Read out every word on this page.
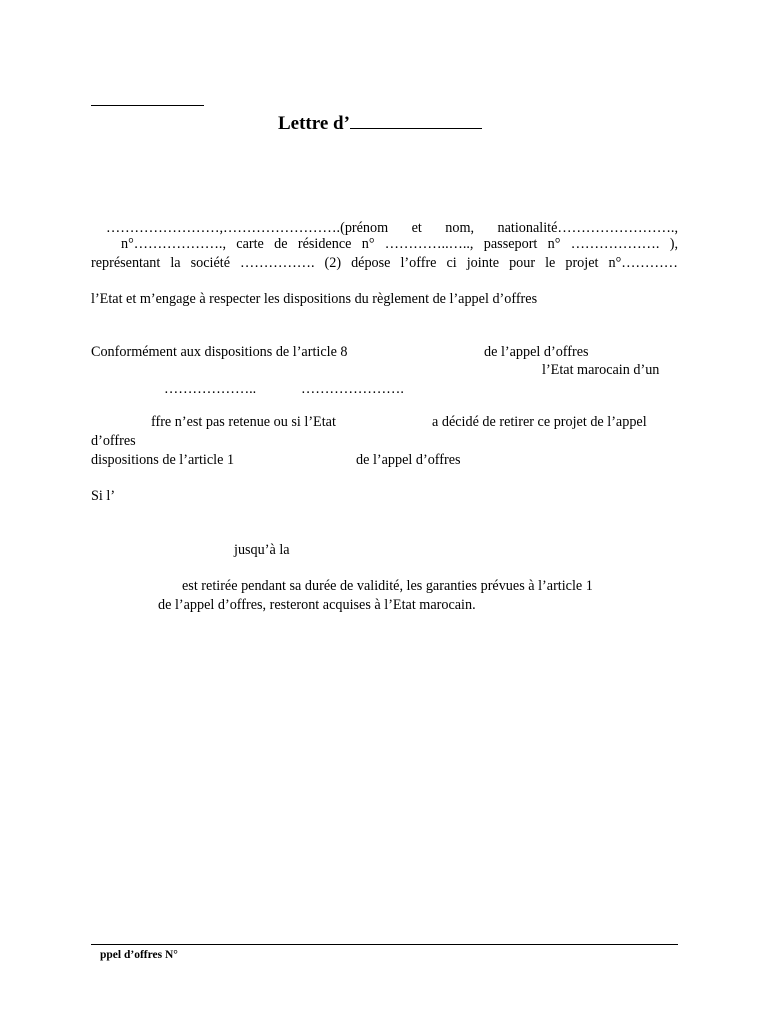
Lettre d’
……………………,…………………….(prénom et nom, nationalité…………………….,
n°………………., carte de résidence n° …………..….., passeport n° ………………. ),
représentant la société ……………. (2) dépose l’offre ci jointe pour le projet n°…………
l’Etat et m’engage à respecter les dispositions du règlement de l’appel d’offres
Conformément aux dispositions de l’article 8	de l’appel d’offres
l’Etat marocain d’un
………………..	………………….
ffre n’est pas retenue ou si l’Etat	a décidé de retirer ce projet de l’appel
d’offres
dispositions de l’article 1	de l’appel d’offres
Si l’
jusqu’à la
est retirée pendant sa durée de validité, les garanties prévues à l’article 1
de l’appel d’offres, resteront acquises à l’Etat marocain.
ppel d’offres N°
